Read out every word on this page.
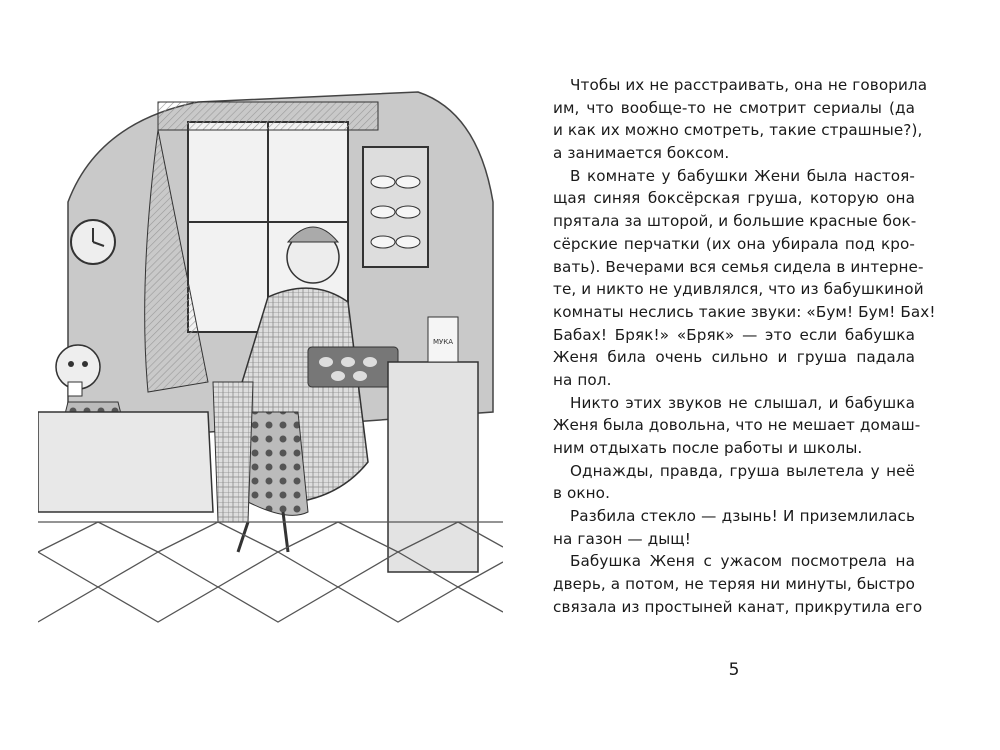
МУКА
Чтобы их не расстраивать, она не говорила
им, что вообще-то не смотрит сериалы (да
и как их можно смотреть, такие страшные?),
а занимается боксом.
В комнате у бабушки Жени была настоя-
щая синяя боксёрская груша, которую она
прятала за шторой, и большие красные бок-
сёрские перчатки (их она убирала под кро-
вать). Вечерами вся семья сидела в интерне-
те, и никто не удивлялся, что из бабушкиной
комнаты неслись такие звуки: «Бум! Бум! Бах!
Бабах! Бряк!» «Бряк» — это если бабушка
Женя била очень сильно и груша падала
на пол.
Никто этих звуков не слышал, и бабушка
Женя была довольна, что не мешает домаш-
ним отдыхать после работы и школы.
Однажды, правда, груша вылетела у неё
в окно.
Разбила стекло — дзынь! И приземлилась
на газон — дыщ!
Бабушка Женя с ужасом посмотрела на
дверь, а потом, не теряя ни минуты, быстро
связала из простыней канат, прикрутила его
5
